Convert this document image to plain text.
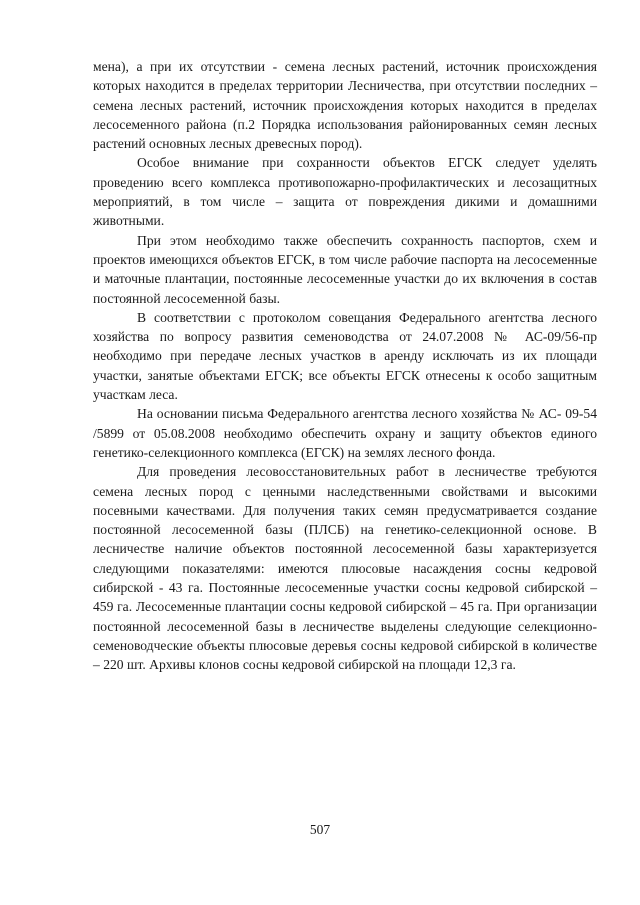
мена), а при их отсутствии - семена лесных растений, источник происхождения которых находится в пределах территории Лесничества, при отсутствии последних – семена лесных растений, источник происхождения которых находится в пределах лесосеменного района (п.2 Порядка использования районированных семян лесных растений основных лесных древесных пород).

Особое внимание при сохранности объектов ЕГСК следует уделять проведению всего комплекса противопожарно-профилактических и лесозащитных мероприятий, в том числе – защита от повреждения дикими и домашними животными.

При этом необходимо также обеспечить сохранность паспортов, схем и проектов имеющихся объектов ЕГСК, в том числе рабочие паспорта на лесосеменные и маточные плантации, постоянные лесосеменные участки до их включения в состав постоянной лесосеменной базы.

В соответствии с протоколом совещания Федерального агентства лесного хозяйства по вопросу развития семеноводства от 24.07.2008 № АС-09/56-пр необходимо при передаче лесных участков в аренду исключать из их площади участки, занятые объектами ЕГСК; все объекты ЕГСК отнесены к особо защитным участкам леса.

На основании письма Федерального агентства лесного хозяйства № АС- 09-54 /5899 от 05.08.2008 необходимо обеспечить охрану и защиту объектов единого генетико-селекционного комплекса (ЕГСК) на землях лесного фонда.

Для проведения лесовосстановительных работ в лесничестве требуются семена лесных пород с ценными наследственными свойствами и высокими посевными качествами. Для получения таких семян предусматривается создание постоянной лесосеменной базы (ПЛСБ) на генетико-селекционной основе. В лесничестве наличие объектов постоянной лесосеменной базы характеризуется следующими показателями: имеются плюсовые насаждения сосны кедровой сибирской - 43 га. Постоянные лесосеменные участки сосны кедровой сибирской – 459 га. Лесосеменные плантации сосны кедровой сибирской – 45 га. При организации постоянной лесосеменной базы в лесничестве выделены следующие селекционно-семеноводческие объекты плюсовые деревья сосны кедровой сибирской в количестве – 220 шт. Архивы клонов сосны кедровой сибирской на площади 12,3 га.

507
